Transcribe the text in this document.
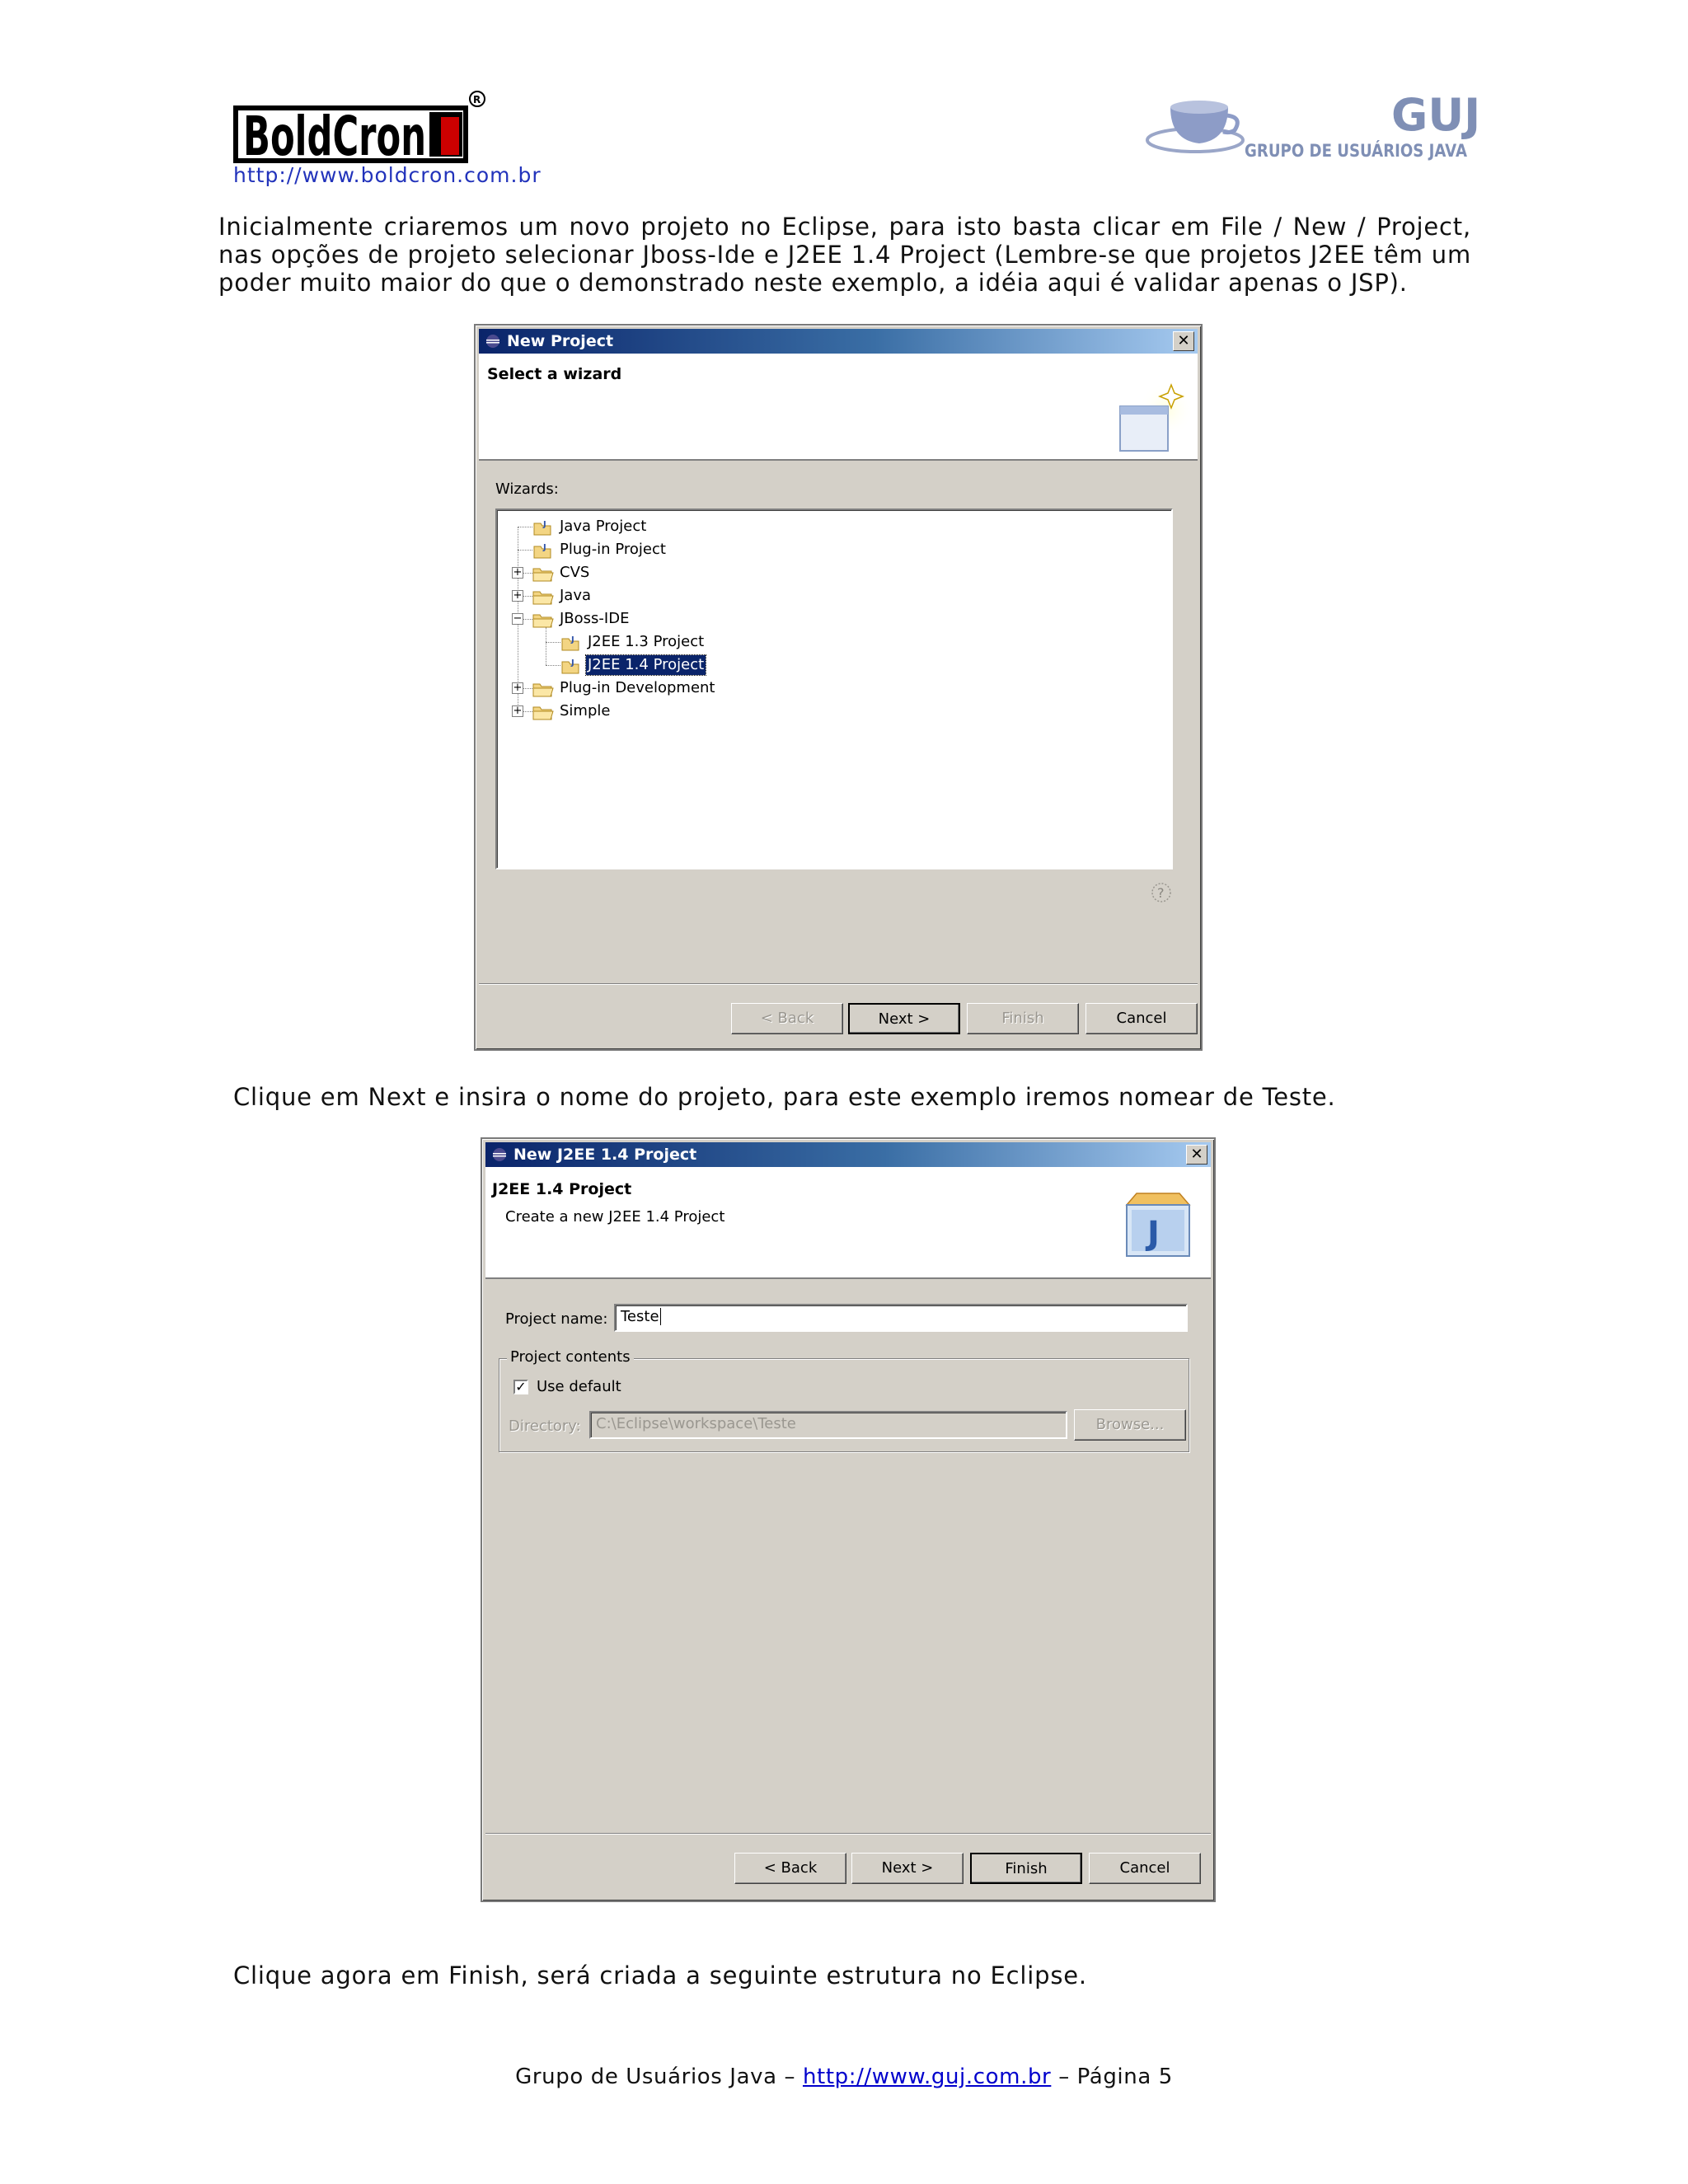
BoldCron
R
http://www.boldcron.com.br
GUJ
GRUPO DE USUÁRIOS JAVA
Inicialmente criaremos um novo projeto no Eclipse, para isto basta clicar em File / New / Project, nas opções de projeto selecionar Jboss-Ide e J2EE 1.4 Project (Lembre-se que projetos J2EE têm um poder muito maior do que o demonstrado neste exemplo, a idéia aqui é validar apenas o JSP).
New Project	✕
Select a wizard
Wizards:
J Java Project
J Plug-in Project
+	CVS
+	Java
−	JBoss-IDE
J J2EE 1.3 Project
J J2EE 1.4 Project
+	Plug-in Development
+	Simple
?
< Back	Next >	Finish	Cancel
Clique em Next e insira o nome do projeto, para este exemplo iremos nomear de Teste.
New J2EE 1.4 Project	✕
J2EE 1.4 Project
Create a new J2EE 1.4 Project	J
Project name: Teste
Project contents
✓ Use default
Directory:	C:\Eclipse\workspace\Teste	Browse...
< Back	Next >	Finish	Cancel
Clique agora em Finish, será criada a seguinte estrutura no Eclipse.
Grupo de Usuários Java – http://www.guj.com.br – Página 5
